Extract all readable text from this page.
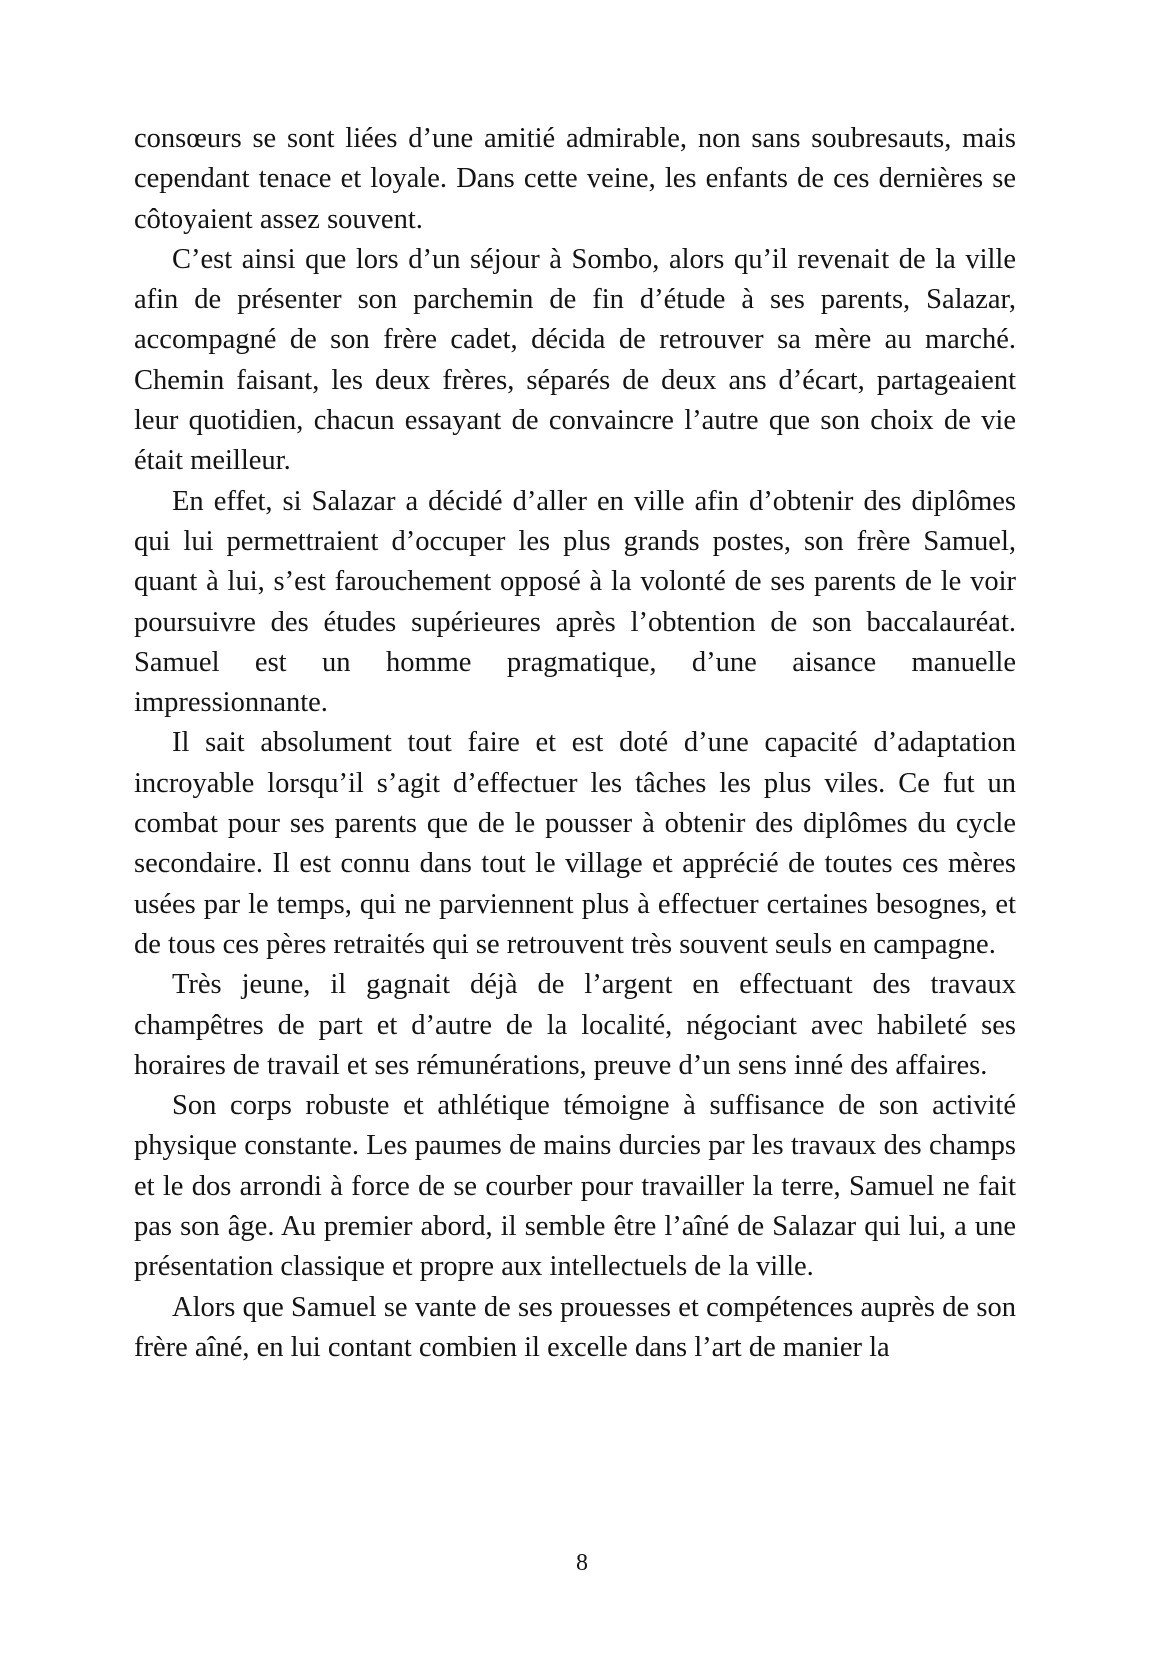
consœurs se sont liées d’une amitié admirable, non sans soubresauts, mais cependant tenace et loyale. Dans cette veine, les enfants de ces dernières se côtoyaient assez souvent.

C’est ainsi que lors d’un séjour à Sombo, alors qu’il revenait de la ville afin de présenter son parchemin de fin d’étude à ses parents, Salazar, accompagné de son frère cadet, décida de retrouver sa mère au marché. Chemin faisant, les deux frères, séparés de deux ans d’écart, partageaient leur quotidien, chacun essayant de convaincre l’autre que son choix de vie était meilleur.

En effet, si Salazar a décidé d’aller en ville afin d’obtenir des diplômes qui lui permettraient d’occuper les plus grands postes, son frère Samuel, quant à lui, s’est farouchement opposé à la volonté de ses parents de le voir poursuivre des études supérieures après l’obtention de son baccalauréat. Samuel est un homme pragmatique, d’une aisance manuelle impressionnante.

Il sait absolument tout faire et est doté d’une capacité d’adaptation incroyable lorsqu’il s’agit d’effectuer les tâches les plus viles. Ce fut un combat pour ses parents que de le pousser à obtenir des diplômes du cycle secondaire. Il est connu dans tout le village et apprécié de toutes ces mères usées par le temps, qui ne parviennent plus à effectuer certaines besognes, et de tous ces pères retraités qui se retrouvent très souvent seuls en campagne.

Très jeune, il gagnait déjà de l’argent en effectuant des travaux champêtres de part et d’autre de la localité, négociant avec habileté ses horaires de travail et ses rémunérations, preuve d’un sens inné des affaires.

Son corps robuste et athlétique témoigne à suffisance de son activité physique constante. Les paumes de mains durcies par les travaux des champs et le dos arrondi à force de se courber pour travailler la terre, Samuel ne fait pas son âge. Au premier abord, il semble être l’aîné de Salazar qui lui, a une présentation classique et propre aux intellectuels de la ville.

Alors que Samuel se vante de ses prouesses et compétences auprès de son frère aîné, en lui contant combien il excelle dans l’art de manier la

8
